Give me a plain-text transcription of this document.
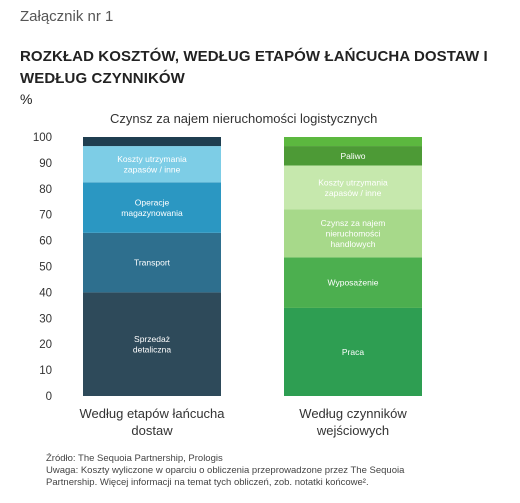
Załącznik nr 1
ROZKŁAD KOSZTÓW, WEDŁUG ETAPÓW ŁAŃCUCHA DOSTAW I WEDŁUG CZYNNIKÓW
%
Czynsz za najem nieruchomości logistycznych
0
10
20
30
40
50
60
70
80
90
100
Sprzedaż
detaliczna
Transport
Operacje
magazynowania
Koszty utrzymania
zapasów / inne
Według etapów łańcucha
dostaw
Praca
Wyposażenie
Czynsz za najem
nieruchomości
handlowych
Koszty utrzymania
zapasów / inne
Paliwo
Według czynników
wejściowych
Źródło: The Sequoia Partnership, Prologis
Uwaga: Koszty wyliczone w oparciu o obliczenia przeprowadzone przez The Sequoia
Partnership. Więcej informacji na temat tych obliczeń, zob. notatki końcowe².
